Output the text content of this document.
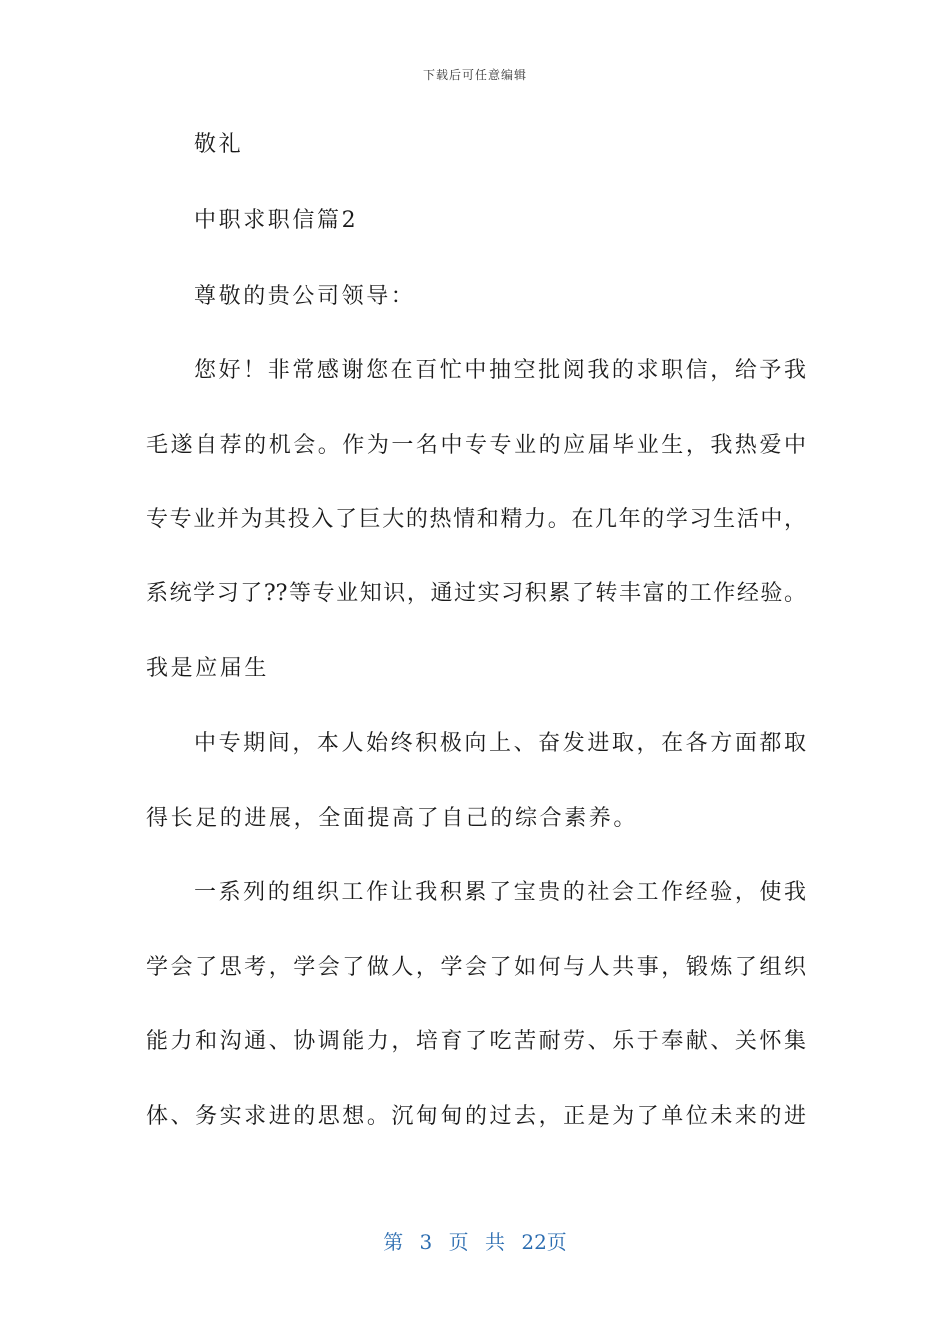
下载后可任意编辑
敬礼
中职求职信篇2
尊敬的贵公司领导：
您好！非常感谢您在百忙中抽空批阅我的求职信，给予我
毛遂自荐的机会。作为一名中专专业的应届毕业生，我热爱中
专专业并为其投入了巨大的热情和精力。在几年的学习生活中，
系统学习了??等专业知识，通过实习积累了转丰富的工作经验。
我是应届生
中专期间，本人始终积极向上、奋发进取，在各方面都取
得长足的进展，全面提高了自己的综合素养。
一系列的组织工作让我积累了宝贵的社会工作经验，使我
学会了思考，学会了做人，学会了如何与人共事，锻炼了组织
能力和沟通、协调能力，培育了吃苦耐劳、乐于奉献、关怀集
体、务实求进的思想。沉甸甸的过去，正是为了单位未来的进
第 3 页 共 22页
